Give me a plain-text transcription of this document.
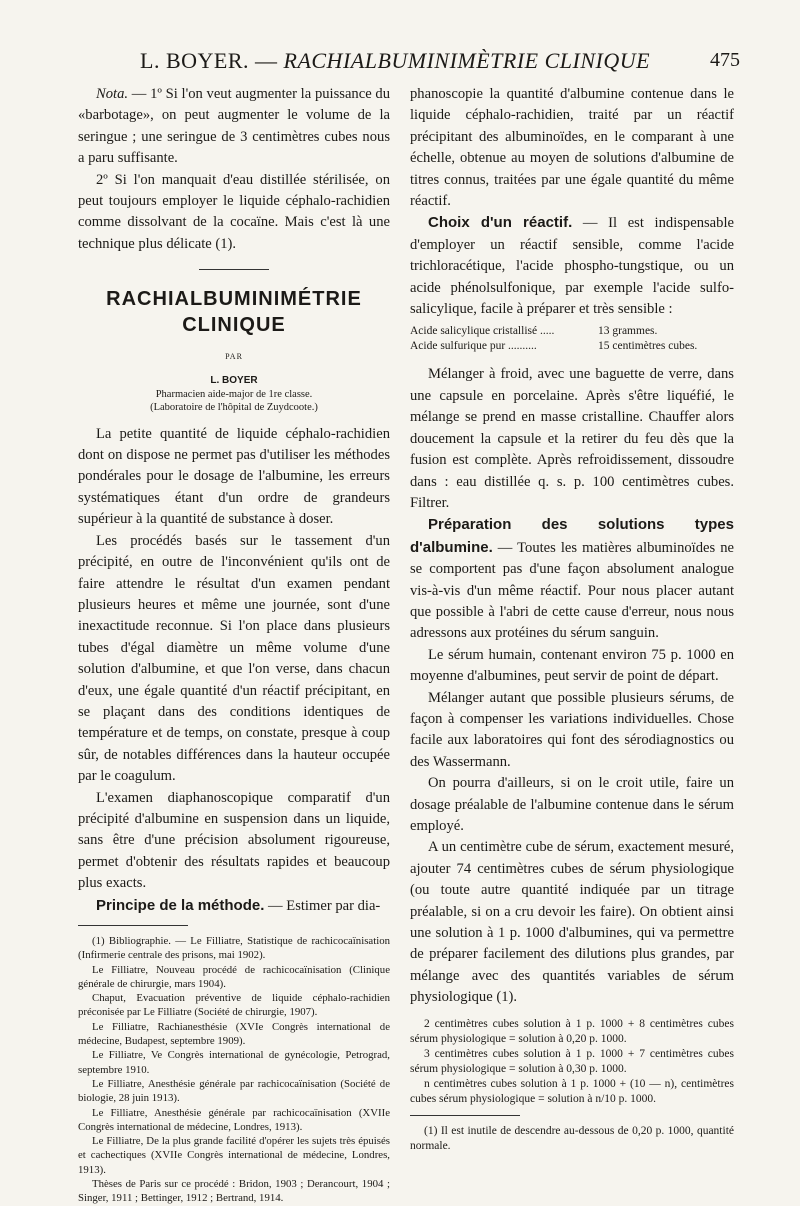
L. BOYER. — RACHIALBUMINIMÈTRIE CLINIQUE	475

Nota. — 1º Si l'on veut augmenter la puissance du «barbotage», on peut augmenter le volume de la seringue ; une seringue de 3 centimètres cubes nous a paru suffisante.

2º Si l'on manquait d'eau distillée stérilisée, on peut toujours employer le liquide céphalo-rachidien comme dissolvant de la cocaïne. Mais c'est là une technique plus délicate (1).

RACHIALBUMINIMÉTRIE
CLINIQUE
PAR
L. BOYER
Pharmacien aide-major de 1re classe.
(Laboratoire de l'hôpital de Zuydcoote.)

La petite quantité de liquide céphalo-rachidien dont on dispose ne permet pas d'utiliser les méthodes pondérales pour le dosage de l'albumine, les erreurs systématiques étant d'un ordre de grandeurs supérieur à la quantité de substance à doser.

Les procédés basés sur le tassement d'un précipité, en outre de l'inconvénient qu'ils ont de faire attendre le résultat d'un examen pendant plusieurs heures et même une journée, sont d'une inexactitude reconnue. Si l'on place dans plusieurs tubes d'égal diamètre un même volume d'une solution d'albumine, et que l'on verse, dans chacun d'eux, une égale quantité d'un réactif précipitant, en se plaçant dans des conditions identiques de température et de temps, on constate, presque à coup sûr, de notables différences dans la hauteur occupée par le coagulum.

L'examen diaphanoscopique comparatif d'un précipité d'albumine en suspension dans un liquide, sans être d'une précision absolument rigoureuse, permet d'obtenir des résultats rapides et beaucoup plus exacts.

Principe de la méthode. — Estimer par dia-

(1) Bibliographie. — Le Filliatre, Statistique de rachicocaïnisation (Infirmerie centrale des prisons, mai 1902).

Le Filliatre, Nouveau procédé de rachicocaïnisation (Clinique générale de chirurgie, mars 1904).

Chaput, Evacuation préventive de liquide céphalo-rachidien préconisée par Le Filliatre (Société de chirurgie, 1907).

Le Filliatre, Rachianesthésie (XVIe Congrès international de médecine, Budapest, septembre 1909).

Le Filliatre, Ve Congrès international de gynécologie, Petrograd, septembre 1910.

Le Filliatre, Anesthésie générale par rachicocaïnisation (Société de biologie, 28 juin 1913).

Le Filliatre, Anesthésie générale par rachicocaïnisation (XVIIe Congrès international de médecine, Londres, 1913).

Le Filliatre, De la plus grande facilité d'opérer les sujets très épuisés et cachectiques (XVIIe Congrès international de médecine, Londres, 1913).

Thèses de Paris sur ce procédé : Bridon, 1903 ; Derancourt, 1904 ; Singer, 1911 ; Bettinger, 1912 ; Bertrand, 1914.

phanoscopie la quantité d'albumine contenue dans le liquide céphalo-rachidien, traité par un réactif précipitant des albuminoïdes, en le comparant à une échelle, obtenue au moyen de solutions d'albumine de titres connus, traitées par une égale quantité du même réactif.

Choix d'un réactif. — Il est indispensable d'employer un réactif sensible, comme l'acide trichloracétique, l'acide phospho-tungstique, ou un acide phénolsulfonique, par exemple l'acide sulfo-salicylique, facile à préparer et très sensible :

Acide salicylique cristallisé .....	13 grammes.
Acide sulfurique pur ..........	15 centimètres cubes.

Mélanger à froid, avec une baguette de verre, dans une capsule en porcelaine. Après s'être liquéfié, le mélange se prend en masse cristalline. Chauffer alors doucement la capsule et la retirer du feu dès que la fusion est complète. Après refroidissement, dissoudre dans : eau distillée q. s. p. 100 centimètres cubes. Filtrer.

Préparation des solutions types d'albumine. — Toutes les matières albuminoïdes ne se comportent pas d'une façon absolument analogue vis-à-vis d'un même réactif. Pour nous placer autant que possible à l'abri de cette cause d'erreur, nous nous adressons aux protéines du sérum sanguin.

Le sérum humain, contenant environ 75 p. 1000 en moyenne d'albumines, peut servir de point de départ.

Mélanger autant que possible plusieurs sérums, de façon à compenser les variations individuelles. Chose facile aux laboratoires qui font des sérodiagnostics ou des Wassermann.

On pourra d'ailleurs, si on le croit utile, faire un dosage préalable de l'albumine contenue dans le sérum employé.

A un centimètre cube de sérum, exactement mesuré, ajouter 74 centimètres cubes de sérum physiologique (ou toute autre quantité indiquée par un titrage préalable, si on a cru devoir les faire). On obtient ainsi une solution à 1 p. 1000 d'albumines, qui va permettre de préparer facilement des dilutions plus grandes, par mélange avec des quantités variables de sérum physiologique (1).

2 centimètres cubes solution à 1 p. 1000 + 8 centimètres cubes sérum physiologique = solution à 0,20 p. 1000.

3 centimètres cubes solution à 1 p. 1000 + 7 centimètres cubes sérum physiologique = solution à 0,30 p. 1000.

n centimètres cubes solution à 1 p. 1000 + (10 — n), centimètres cubes sérum physiologique = solution à n/10 p. 1000.

(1) Il est inutile de descendre au-dessous de 0,20 p. 1000, quantité normale.
